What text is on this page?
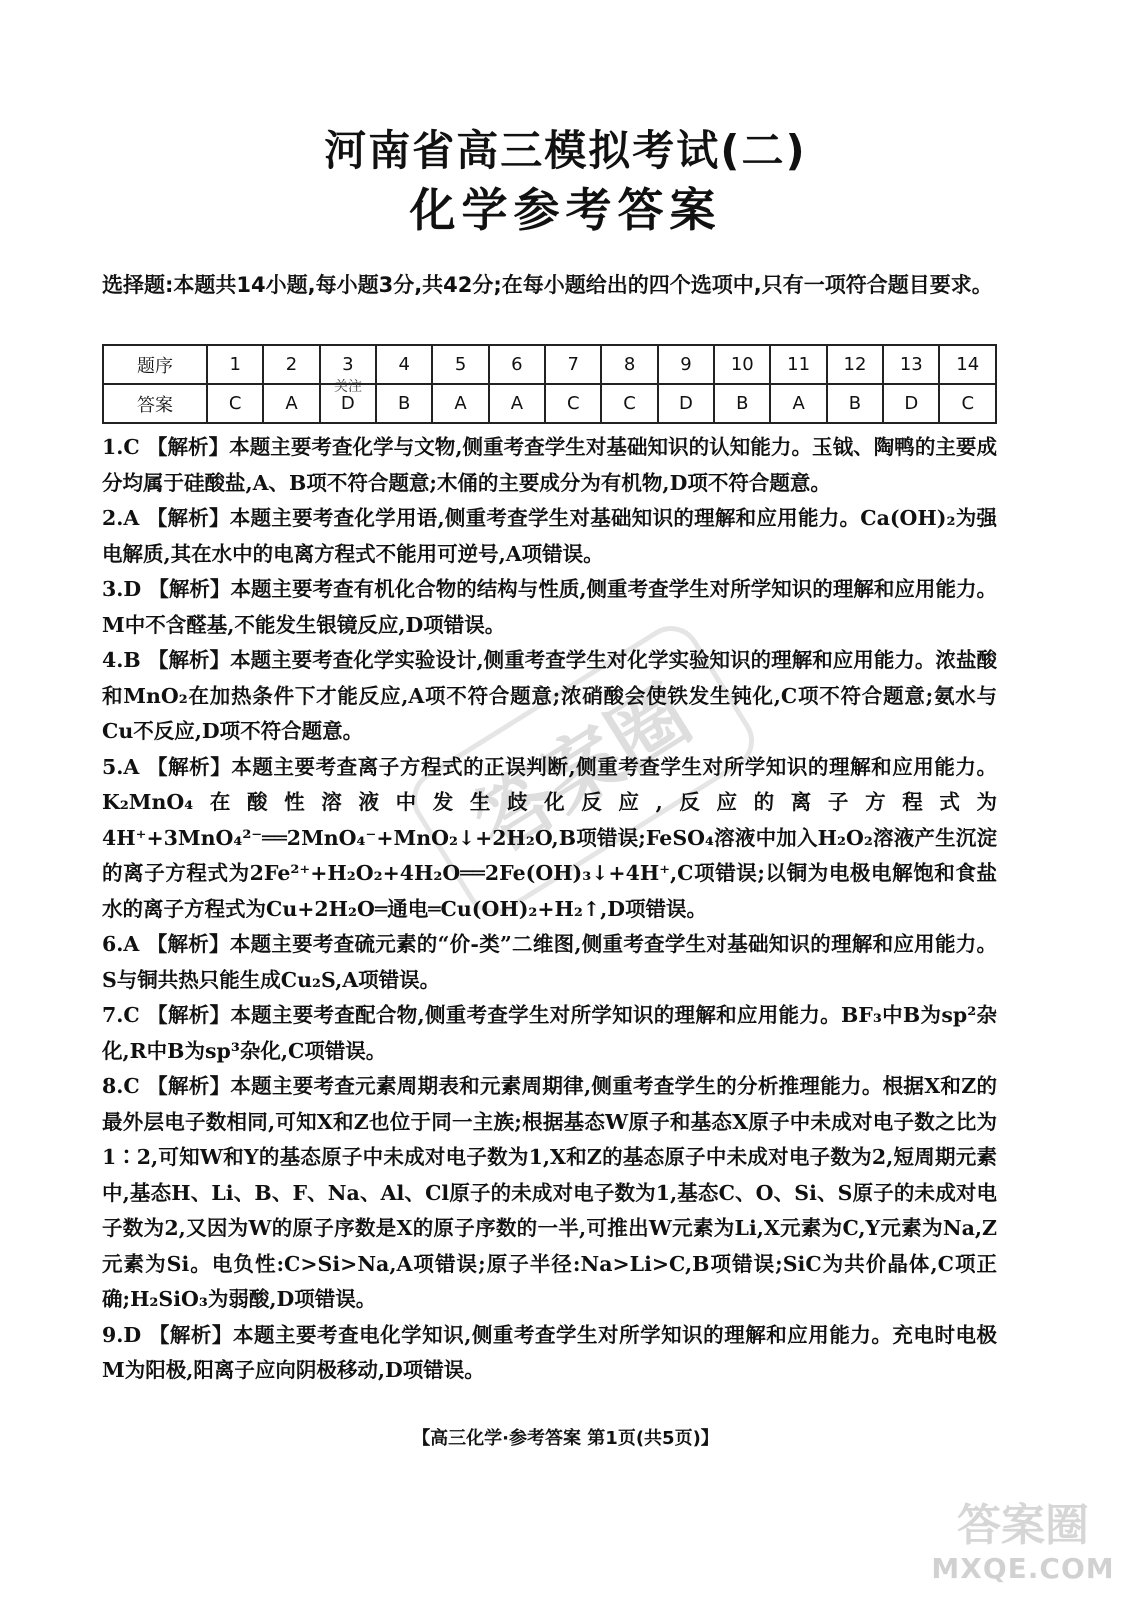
河南省高三模拟考试(二)
化学参考答案
选择题:本题共14小题,每小题3分,共42分;在每小题给出的四个选项中,只有一项符合题目要求。
题序	1	2	3	4	5	6	7	8	9	10	11	12	13	14
答案	C	A	D	B	A	A	C	C	D	B	A	B	D	C
关注

1.C 【解析】本题主要考查化学与文物,侧重考查学生对基础知识的认知能力。玉钺、陶鸭的主要成分均属于硅酸盐,A、B项不符合题意;木俑的主要成分为有机物,D项不符合题意。

2.A 【解析】本题主要考查化学用语,侧重考查学生对基础知识的理解和应用能力。Ca(OH)₂为强电解质,其在水中的电离方程式不能用可逆号,A项错误。

3.D 【解析】本题主要考查有机化合物的结构与性质,侧重考查学生对所学知识的理解和应用能力。M中不含醛基,不能发生银镜反应,D项错误。

4.B 【解析】本题主要考查化学实验设计,侧重考查学生对化学实验知识的理解和应用能力。浓盐酸和MnO₂在加热条件下才能反应,A项不符合题意;浓硝酸会使铁发生钝化,C项不符合题意;氨水与Cu不反应,D项不符合题意。

5.A 【解析】本题主要考查离子方程式的正误判断,侧重考查学生对所学知识的理解和应用能力。K₂MnO₄在酸性溶液中发生歧化反应,反应的离子方程式为4H⁺+3MnO₄²⁻══2MnO₄⁻+MnO₂↓+2H₂O,B项错误;FeSO₄溶液中加入H₂O₂溶液产生沉淀的离子方程式为2Fe²⁺+H₂O₂+4H₂O══2Fe(OH)₃↓+4H⁺,C项错误;以铜为电极电解饱和食盐水的离子方程式为Cu+2H₂O═通电═Cu(OH)₂+H₂↑,D项错误。

6.A 【解析】本题主要考查硫元素的“价-类”二维图,侧重考查学生对基础知识的理解和应用能力。S与铜共热只能生成Cu₂S,A项错误。

7.C 【解析】本题主要考查配合物,侧重考查学生对所学知识的理解和应用能力。BF₃中B为sp²杂化,R中B为sp³杂化,C项错误。

8.C 【解析】本题主要考查元素周期表和元素周期律,侧重考查学生的分析推理能力。根据X和Z的最外层电子数相同,可知X和Z也位于同一主族;根据基态W原子和基态X原子中未成对电子数之比为1∶2,可知W和Y的基态原子中未成对电子数为1,X和Z的基态原子中未成对电子数为2,短周期元素中,基态H、Li、B、F、Na、Al、Cl原子的未成对电子数为1,基态C、O、Si、S原子的未成对电子数为2,又因为W的原子序数是X的原子序数的一半,可推出W元素为Li,X元素为C,Y元素为Na,Z元素为Si。电负性:C>Si>Na,A项错误;原子半径:Na>Li>C,B项错误;SiC为共价晶体,C项正确;H₂SiO₃为弱酸,D项错误。

9.D 【解析】本题主要考查电化学知识,侧重考查学生对所学知识的理解和应用能力。充电时电极M为阳极,阳离子应向阴极移动,D项错误。

【高三化学·参考答案 第1页(共5页)】
答案圈
答案圈
MXQE.COM
